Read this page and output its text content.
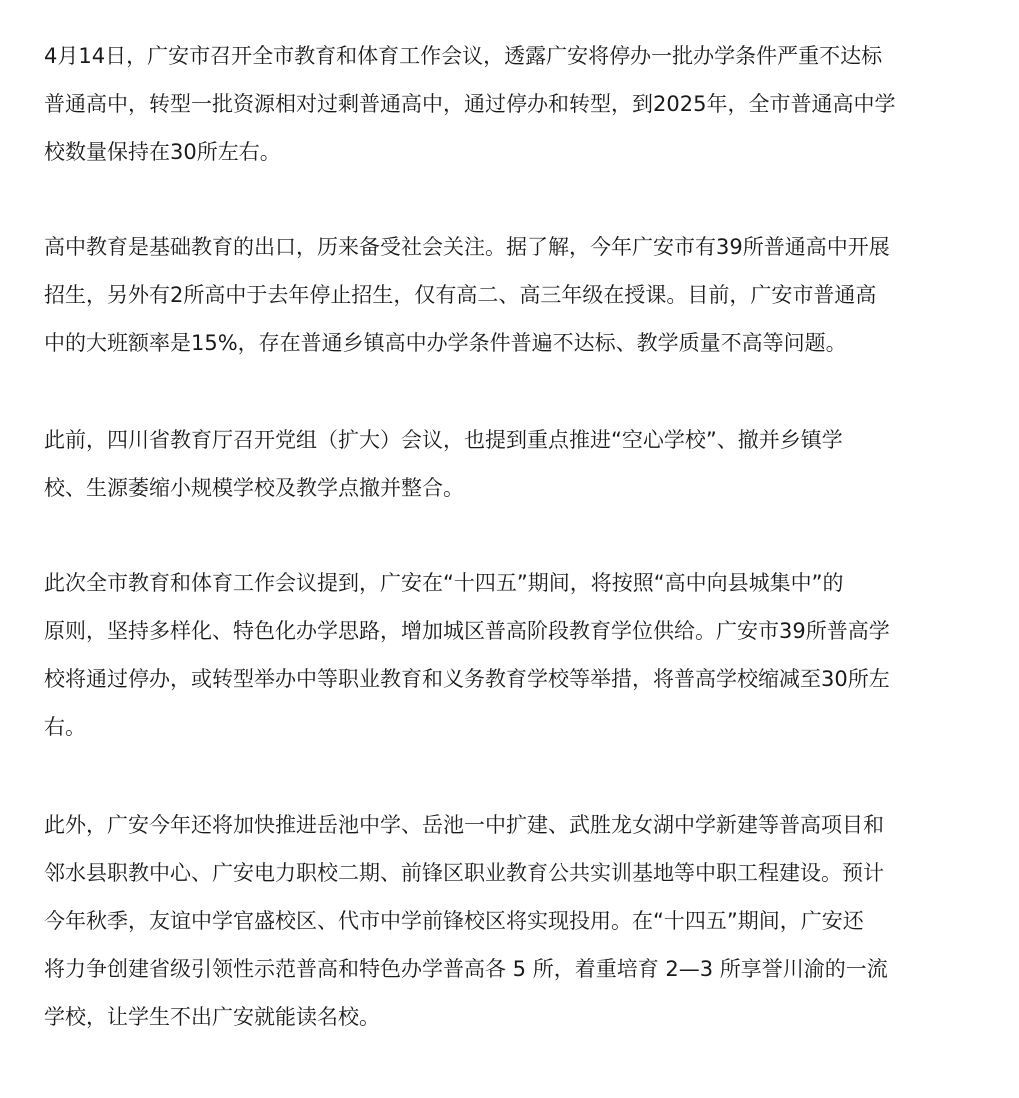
4月14日，广安市召开全市教育和体育工作会议，透露广安将停办一批办学条件严重不达标
普通高中，转型一批资源相对过剩普通高中，通过停办和转型，到2025年，全市普通高中学
校数量保持在30所左右。
高中教育是基础教育的出口，历来备受社会关注。据了解，今年广安市有39所普通高中开展
招生，另外有2所高中于去年停止招生，仅有高二、高三年级在授课。目前，广安市普通高
中的大班额率是15%，存在普通乡镇高中办学条件普遍不达标、教学质量不高等问题。
此前，四川省教育厅召开党组（扩大）会议，也提到重点推进“空心学校”、撤并乡镇学
校、生源萎缩小规模学校及教学点撤并整合。
此次全市教育和体育工作会议提到，广安在“十四五”期间，将按照“高中向县城集中”的
原则，坚持多样化、特色化办学思路，增加城区普高阶段教育学位供给。广安市39所普高学
校将通过停办，或转型举办中等职业教育和义务教育学校等举措，将普高学校缩减至30所左
右。
此外，广安今年还将加快推进岳池中学、岳池一中扩建、武胜龙女湖中学新建等普高项目和
邻水县职教中心、广安电力职校二期、前锋区职业教育公共实训基地等中职工程建设。预计
今年秋季，友谊中学官盛校区、代市中学前锋校区将实现投用。在“十四五”期间，广安还
将力争创建省级引领性示范普高和特色办学普高各 5 所，着重培育 2—3 所享誉川渝的一流
学校，让学生不出广安就能读名校。
